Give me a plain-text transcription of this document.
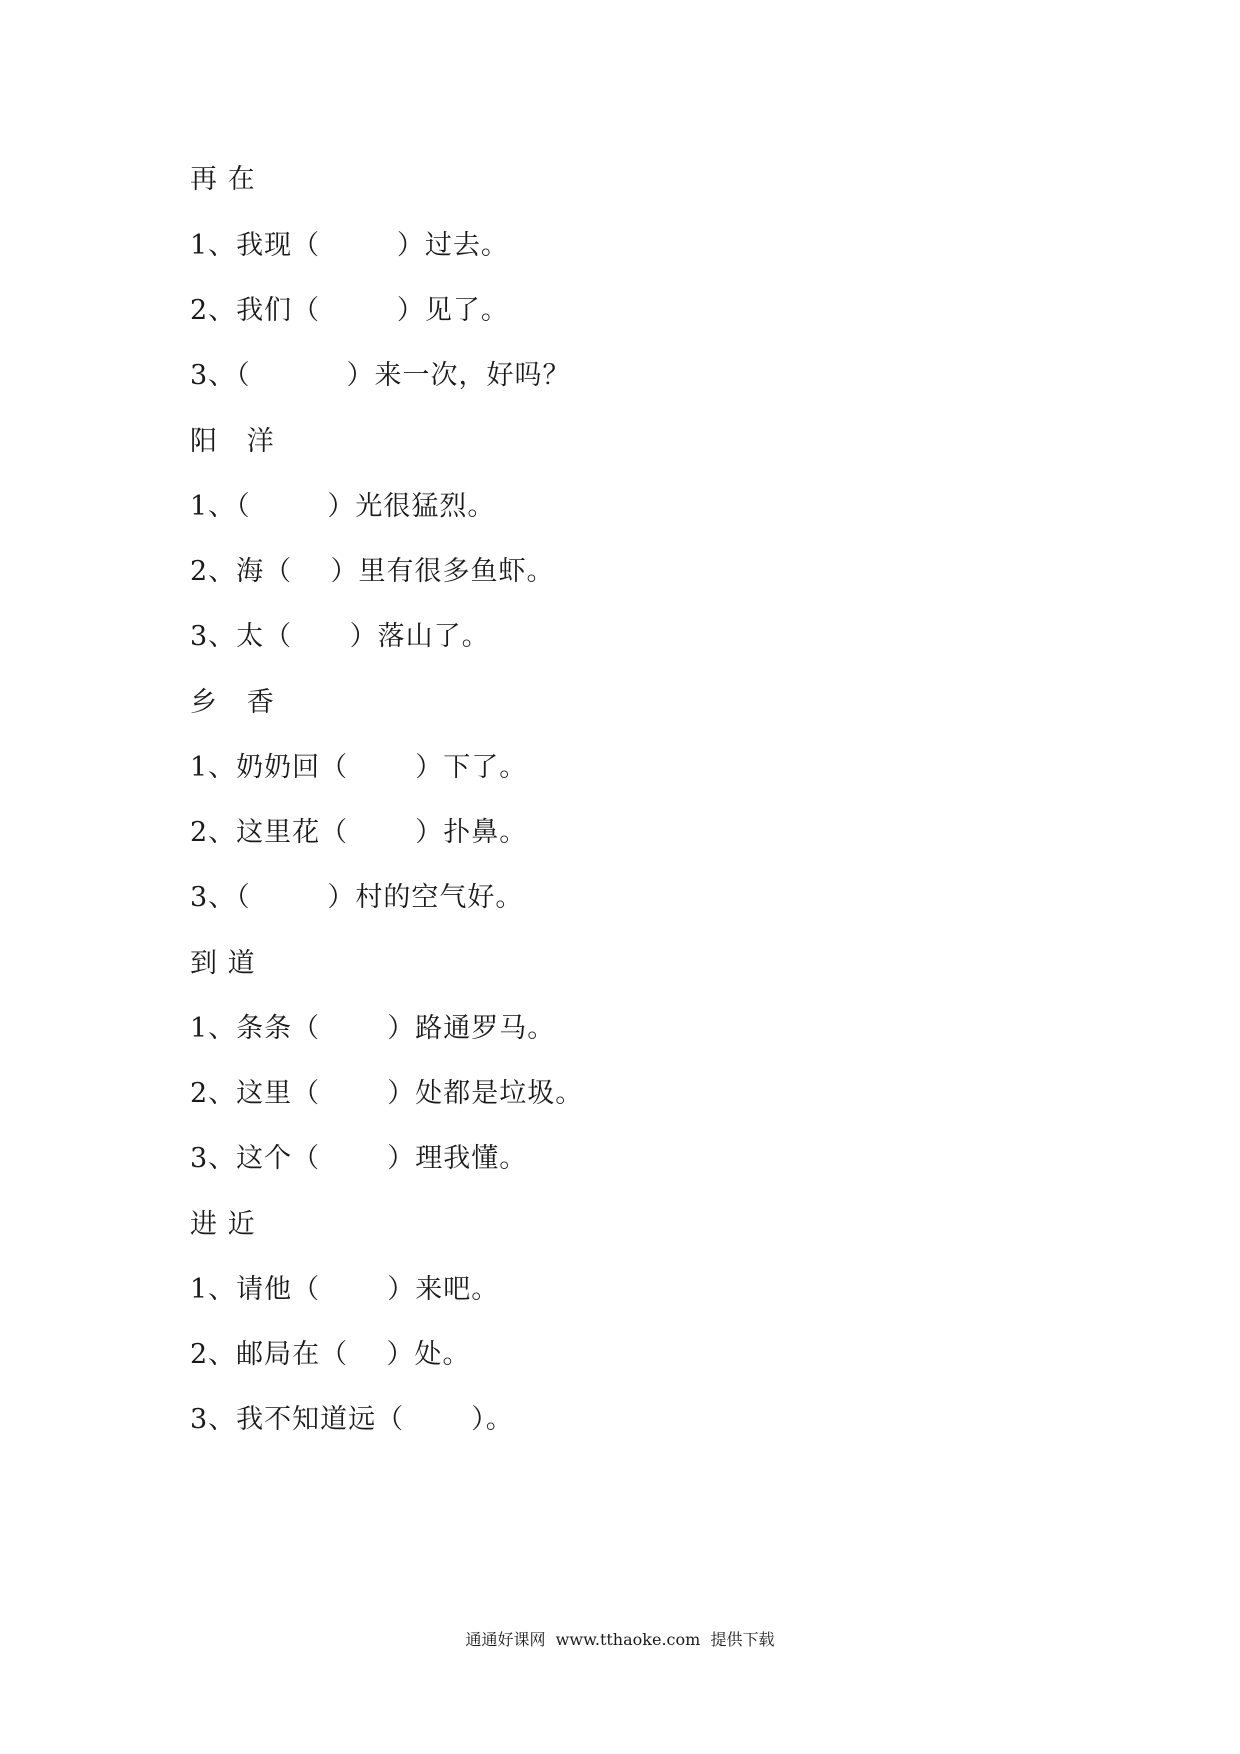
再 在
1、我现（        ）过去。
2、我们（        ）见了。
3、（          ）来一次，好吗？
阳   洋
1、（        ）光很猛烈。
2、海（    ）里有很多鱼虾。
3、太（      ）落山了。
乡   香
1、奶奶回（       ）下了。
2、这里花（       ）扑鼻。
3、（        ）村的空气好。
到 道
1、条条（       ）路通罗马。
2、这里（       ）处都是垃圾。
3、这个（       ）理我懂。
进 近
1、请他（       ）来吧。
2、邮局在（    ）处。
3、我不知道远（       ）。
通通好课网  www.tthaoke.com  提供下载
